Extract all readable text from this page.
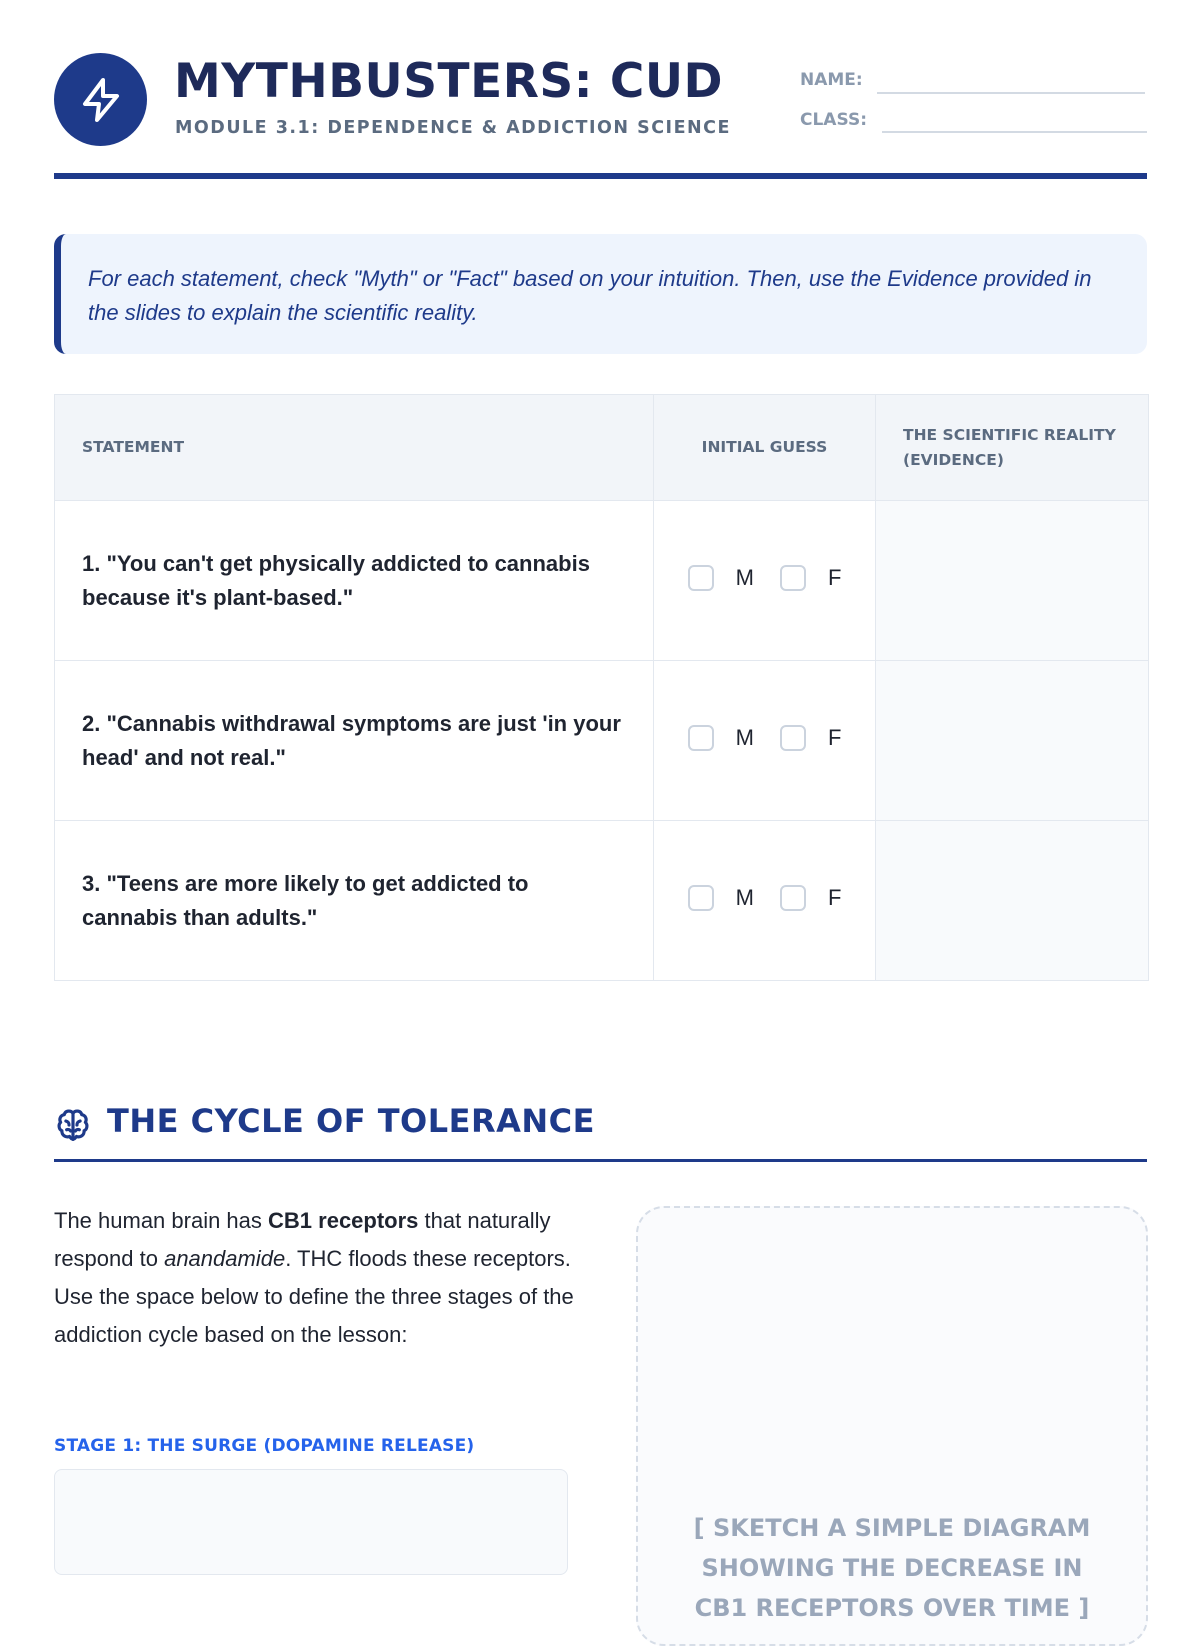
MYTHBUSTERS: CUD
MODULE 3.1: DEPENDENCE & ADDICTION SCIENCE
NAME:
CLASS:
For each statement, check "Myth" or "Fact" based on your intuition. Then, use the Evidence provided in the slides to explain the scientific reality.
STATEMENT	INITIAL GUESS	THE SCIENTIFIC REALITY (EVIDENCE)
1. "You can't get physically addicted to cannabis because it's plant-based."	M F	

2. "Cannabis withdrawal symptoms are just 'in your head' and not real."	M F	

3. "Teens are more likely to get addicted to cannabis than adults."	M F	

THE CYCLE OF TOLERANCE
The human brain has CB1 receptors that naturally respond to anandamide. THC floods these receptors. Use the space below to define the three stages of the addiction cycle based on the lesson:
STAGE 1: THE SURGE (DOPAMINE RELEASE)
[ SKETCH A SIMPLE DIAGRAM SHOWING THE DECREASE IN CB1 RECEPTORS OVER TIME ]
